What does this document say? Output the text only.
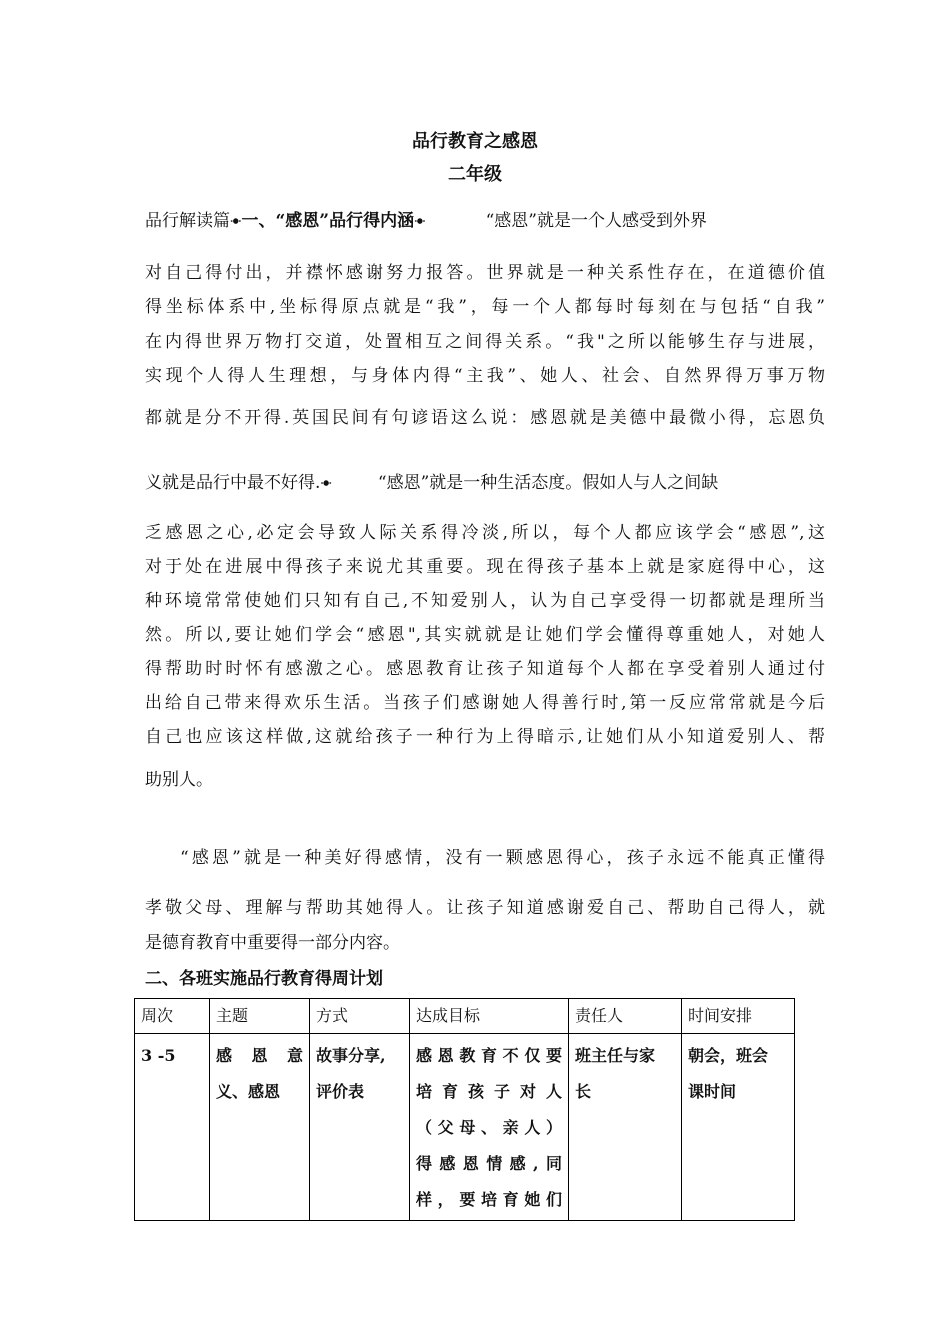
品行教育之感恩
二年级
品行解读篇ꔹ一、“感恩”品行得内涵ꔹ	“感恩”就是一个人感受到外界
对自己得付出，并襟怀感谢努力报答。世界就是一种关系性存在，在道德价值
得坐标体系中,坐标得原点就是“我”，每一个人都每时每刻在与包括“自我”
在内得世界万物打交道，处置相互之间得关系。“我"之所以能够生存与进展，
实现个人得人生理想，与身体内得“主我”、她人、社会、自然界得万事万物
都就是分不开得.英国民间有句谚语这么说：感恩就是美德中最微小得，忘恩负
义就是品行中最不好得.ꔹ	“感恩”就是一种生活态度。假如人与人之间缺
乏感恩之心,必定会导致人际关系得冷淡,所以，每个人都应该学会“感恩”,这
对于处在进展中得孩子来说尤其重要。现在得孩子基本上就是家庭得中心，这
种环境常常使她们只知有自己,不知爱别人，认为自己享受得一切都就是理所当
然。所以,要让她们学会“感恩",其实就就是让她们学会懂得尊重她人，对她人
得帮助时时怀有感激之心。感恩教育让孩子知道每个人都在享受着别人通过付
出给自己带来得欢乐生活。当孩子们感谢她人得善行时,第一反应常常就是今后
自己也应该这样做,这就给孩子一种行为上得暗示,让她们从小知道爱别人、帮
助别人。
“感恩”就是一种美好得感情，没有一颗感恩得心，孩子永远不能真正懂得
孝敬父母、理解与帮助其她得人。让孩子知道感谢爱自己、帮助自己得人，就
是德育教育中重要得一部分内容。
二、各班实施品行教育得周计划
周次	主题	方式	达成目标	责任人	时间安排
3 -5	感恩意
义、感恩	故事分享,
评价表	感恩教育不仅要
培育孩子对人
（父母、亲人）
得感恩情感,同
样，要培育她们	班主任与家
长	朝会，班会
课时间
